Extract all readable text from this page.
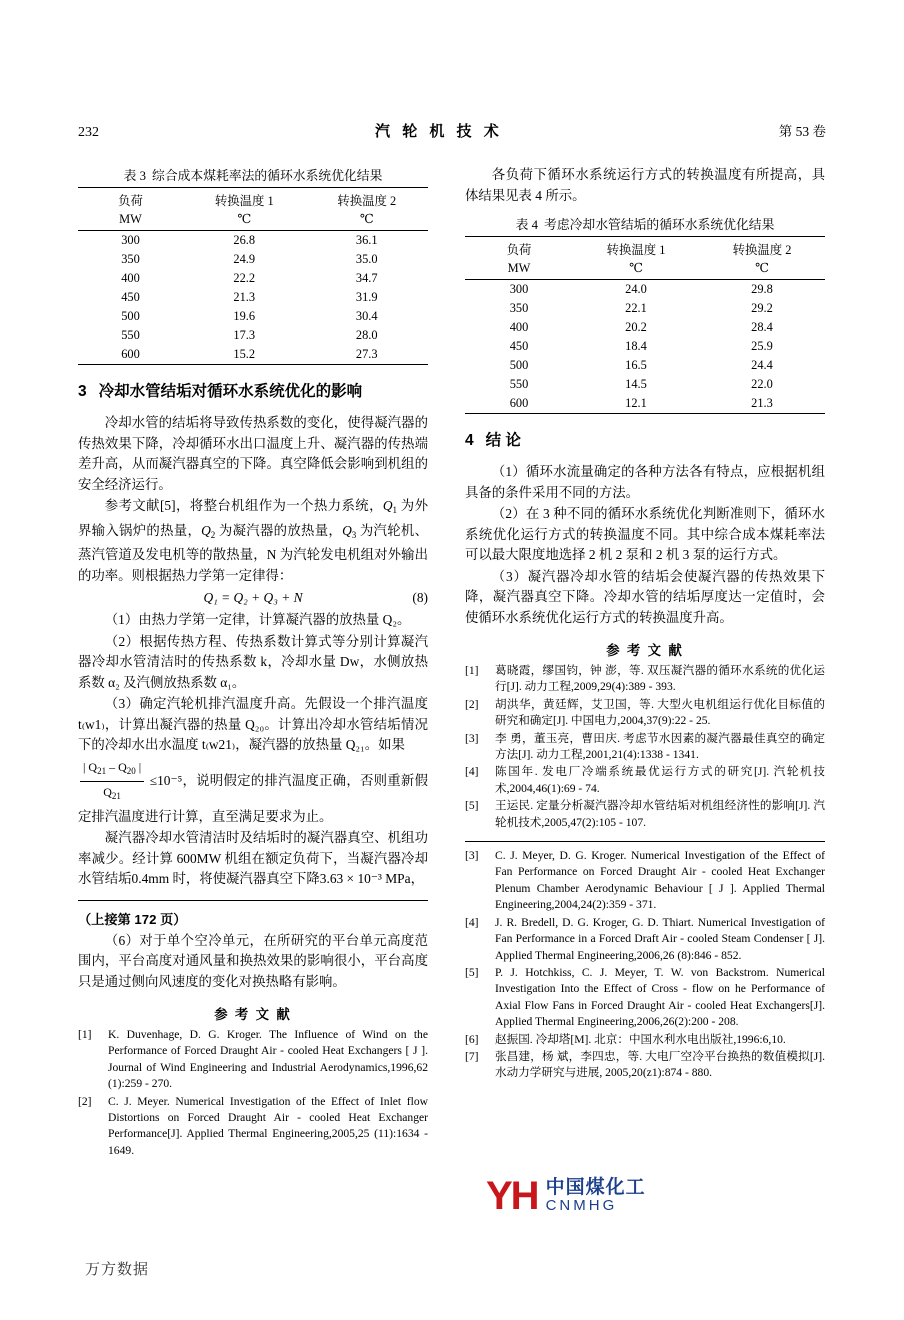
232	汽 轮 机 技 术	第 53 卷
表 3 综合成本煤耗率法的循环水系统优化结果
负荷	转换温度 1	转换温度 2
MW	℃	℃
300	26.8	36.1
350	24.9	35.0
400	22.2	34.7
450	21.3	31.9
500	19.6	30.4
550	17.3	28.0
600	15.2	27.3
3 冷却水管结垢对循环水系统优化的影响

冷却水管的结垢将导致传热系数的变化，使得凝汽器的传热效果下降，冷却循环水出口温度上升、凝汽器的传热端差升高，从而凝汽器真空的下降。真空降低会影响到机组的安全经济运行。

参考文献[5]，将整台机组作为一个热力系统，$Q_1$ 为外界输入锅炉的热量，$Q_2$ 为凝汽器的放热量，$Q_3$ 为汽轮机、蒸汽管道及发电机等的散热量，N 为汽轮发电机组对外输出的功率。则根据热力学第一定律得：

Q₁ = Q₂ + Q₃ + N	(8)

（1）由热力学第一定律，计算凝汽器的放热量 Q₂。

（2）根据传热方程、传热系数计算式等分别计算凝汽器冷却水管清洁时的传热系数 k，冷却水量 Dw，水侧放热系数 α₂ 及汽侧放热系数 α₁。

（3）确定汽轮机排汽温度升高。先假设一个排汽温度 t₍w1₎，计算出凝汽器的热量 Q₂₀。计算出冷却水管结垢情况下的冷却水出水温度 t₍w21₎，凝汽器的放热量 Q₂₁。如果

$\frac{| Q_{21} - Q_{20} |}{Q_{21}} \le 10^{-5}$，说明假定的排汽温度正确，否则重新假定排汽温度进行计算，直至满足要求为止。

凝汽器冷却水管清洁时及结垢时的凝汽器真空、机组功率减少。经计算 600MW 机组在额定负荷下，当凝汽器冷却水管结垢0.4mm 时，将使凝汽器真空下降3.63 × 10⁻³ MPa，

（上接第 172 页）

（6）对于单个空冷单元，在所研究的平台单元高度范围内，平台高度对通风量和换热效果的影响很小，平台高度只是通过侧向风速度的变化对换热略有影响。

参 考 文 献
[1]	K. Duvenhage, D. G. Kroger. The Influence of Wind on the Performance of Forced Draught Air - cooled Heat Exchangers [ J ]. Journal of Wind Engineering and Industrial Aerodynamics,1996,62 (1):259 - 270.
[2]	C. J. Meyer. Numerical Investigation of the Effect of Inlet flow Distortions on Forced Draught Air - cooled Heat Exchanger Performance[J]. Applied Thermal Engineering,2005,25 (11):1634 - 1649.

各负荷下循环水系统运行方式的转换温度有所提高，具体结果见表 4 所示。

表 4 考虑冷却水管结垢的循环水系统优化结果
负荷	转换温度 1	转换温度 2
MW	℃	℃
300	24.0	29.8
350	22.1	29.2
400	20.2	28.4
450	18.4	25.9
500	16.5	24.4
550	14.5	22.0
600	12.1	21.3
4 结 论

（1）循环水流量确定的各种方法各有特点，应根据机组具备的条件采用不同的方法。

（2）在 3 种不同的循环水系统优化判断准则下，循环水系统优化运行方式的转换温度不同。其中综合成本煤耗率法可以最大限度地选择 2 机 2 泵和 2 机 3 泵的运行方式。

（3）凝汽器冷却水管的结垢会使凝汽器的传热效果下降，凝汽器真空下降。冷却水管的结垢厚度达一定值时，会使循环水系统优化运行方式的转换温度升高。

参 考 文 献
[1]	葛晓霞，缪国钧，钟 澎，等. 双压凝汽器的循环水系统的优化运行[J]. 动力工程,2009,29(4):389 - 393.
[2]	胡洪华，黄廷辉，艾卫国，等. 大型火电机组运行优化目标值的研究和确定[J]. 中国电力,2004,37(9):22 - 25.
[3]	李 勇，董玉亮，曹田庆. 考虑节水因素的凝汽器最佳真空的确定方法[J]. 动力工程,2001,21(4):1338 - 1341.
[4]	陈国年. 发电厂冷端系统最优运行方式的研究[J]. 汽轮机技术,2004,46(1):69 - 74.
[5]	王运民. 定量分析凝汽器冷却水管结垢对机组经济性的影响[J]. 汽轮机技术,2005,47(2):105 - 107.
[3]	C. J. Meyer, D. G. Kroger. Numerical Investigation of the Effect of Fan Performance on Forced Draught Air - cooled Heat Exchanger Plenum Chamber Aerodynamic Behaviour [ J ]. Applied Thermal Engineering,2004,24(2):359 - 371.
[4]	J. R. Bredell, D. G. Kroger, G. D. Thiart. Numerical Investigation of Fan Performance in a Forced Draft Air - cooled Steam Condenser [ J]. Applied Thermal Engineering,2006,26 (8):846 - 852.
[5]	P. J. Hotchkiss, C. J. Meyer, T. W. von Backstrom. Numerical Investigation Into the Effect of Cross - flow on he Performance of Axial Flow Fans in Forced Draught Air - cooled Heat Exchangers[J]. Applied Thermal Engineering,2006,26(2):200 - 208.
[6]	赵振国. 冷却塔[M]. 北京：中国水利水电出版社,1996:6,10.
[7]	张昌建，杨 斌，李四忠，等. 大电厂空冷平台换热的数值模拟[J]. 水动力学研究与进展, 2005,20(z1):874 - 880.
YH 中国煤化工
CNMHG
万方数据
